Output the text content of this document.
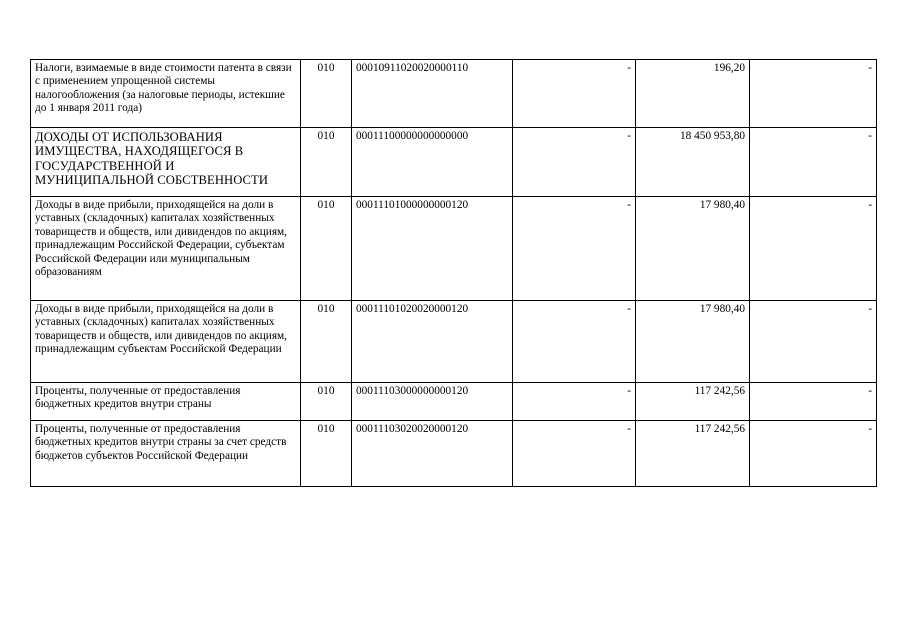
Налоги, взимаемые в виде стоимости патента в связи с применением упрощенной системы налогообложения (за налоговые периоды, истекшие до 1 января 2011 года)	010	00010911020020000110	-	196,20	-
ДОХОДЫ ОТ ИСПОЛЬЗОВАНИЯ ИМУЩЕСТВА, НАХОДЯЩЕГОСЯ В ГОСУДАРСТВЕННОЙ И МУНИЦИПАЛЬНОЙ СОБСТВЕННОСТИ	010	00011100000000000000	-	18 450 953,80	-
Доходы в виде прибыли, приходящейся на доли в уставных (складочных) капиталах хозяйственных товариществ и обществ, или дивидендов по акциям, принадлежащим Российской Федерации, субъектам Российской Федерации или муниципальным образованиям	010	00011101000000000120	-	17 980,40	-
Доходы в виде прибыли, приходящейся на доли в уставных (складочных) капиталах хозяйственных товариществ и обществ, или дивидендов по акциям, принадлежащим субъектам Российской Федерации	010	00011101020020000120	-	17 980,40	-
Проценты, полученные от предоставления бюджетных кредитов внутри страны	010	00011103000000000120	-	117 242,56	-
Проценты, полученные от предоставления бюджетных кредитов внутри страны за счет средств бюджетов субъектов Российской Федерации	010	00011103020020000120	-	117 242,56	-
